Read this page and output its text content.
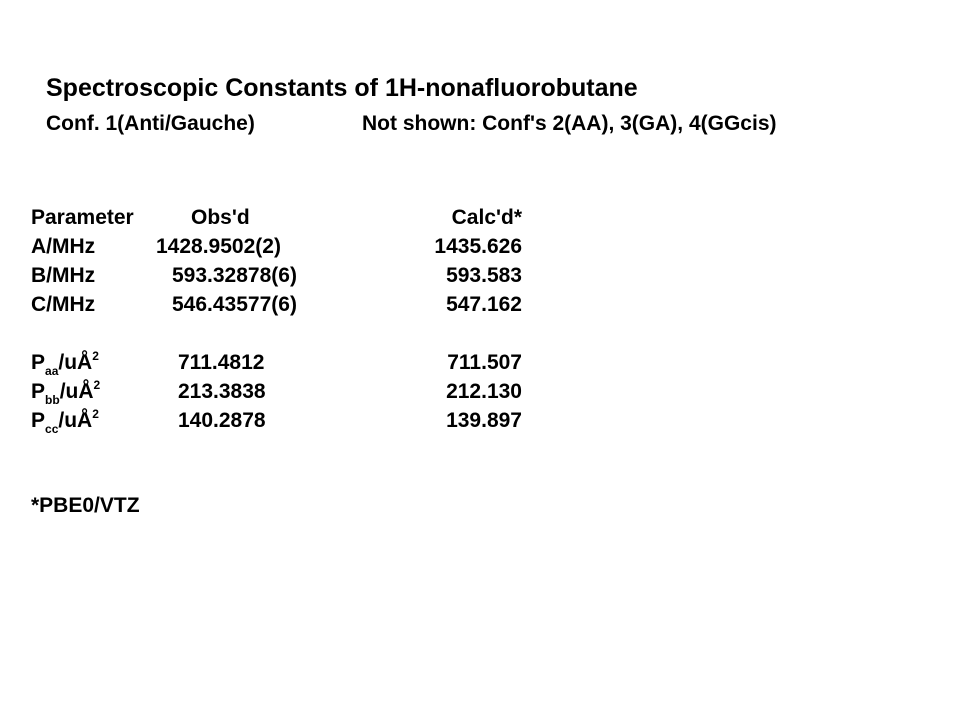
Spectroscopic Constants of 1H-nonafluorobutane
Conf. 1(Anti/Gauche)	Not shown: Conf's 2(AA), 3(GA), 4(GGcis)
Parameter	Obs'd	Calc'd*
A/MHz	1428.9502(2)	1435.626
B/MHz	593.32878(6)	593.583
C/MHz	546.43577(6)	547.162
$P_{aa}/uÅ^2$	711.4812	711.507
$P_{bb}/uÅ^2$	213.3838	212.130
$P_{cc}/uÅ^2$	140.2878	139.897
*PBE0/VTZ
